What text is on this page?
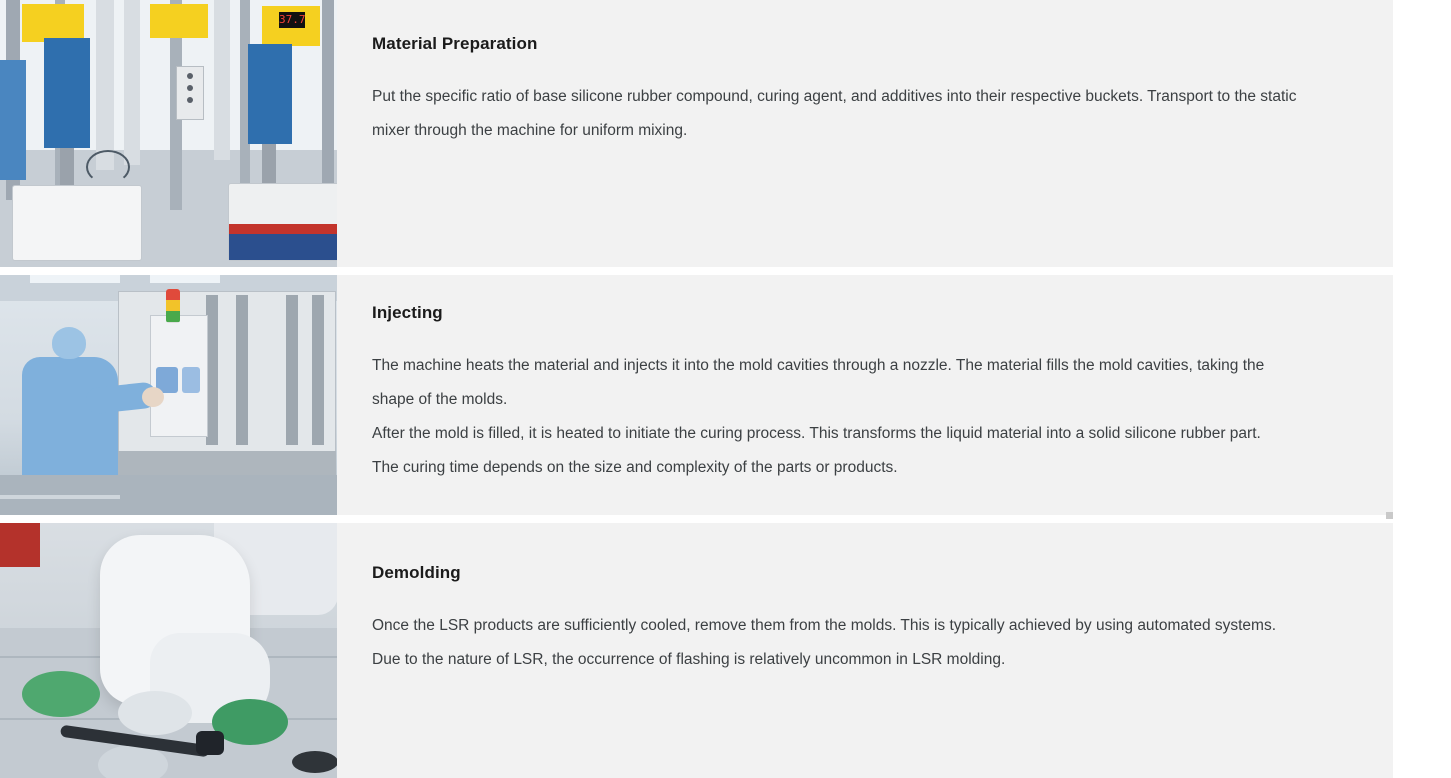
37.7
Material Preparation

Put the specific ratio of base silicone rubber compound, curing agent, and additives into their respective buckets. Transport to the static mixer through the machine for uniform mixing.

Injecting

The machine heats the material and injects it into the mold cavities through a nozzle. The material fills the mold cavities, taking the shape of the molds.

After the mold is filled, it is heated to initiate the curing process. This transforms the liquid material into a solid silicone rubber part. The curing time depends on the size and complexity of the parts or products.

Demolding

Once the LSR products are sufficiently cooled, remove them from the molds. This is typically achieved by using automated systems. Due to the nature of LSR, the occurrence of flashing is relatively uncommon in LSR molding.
